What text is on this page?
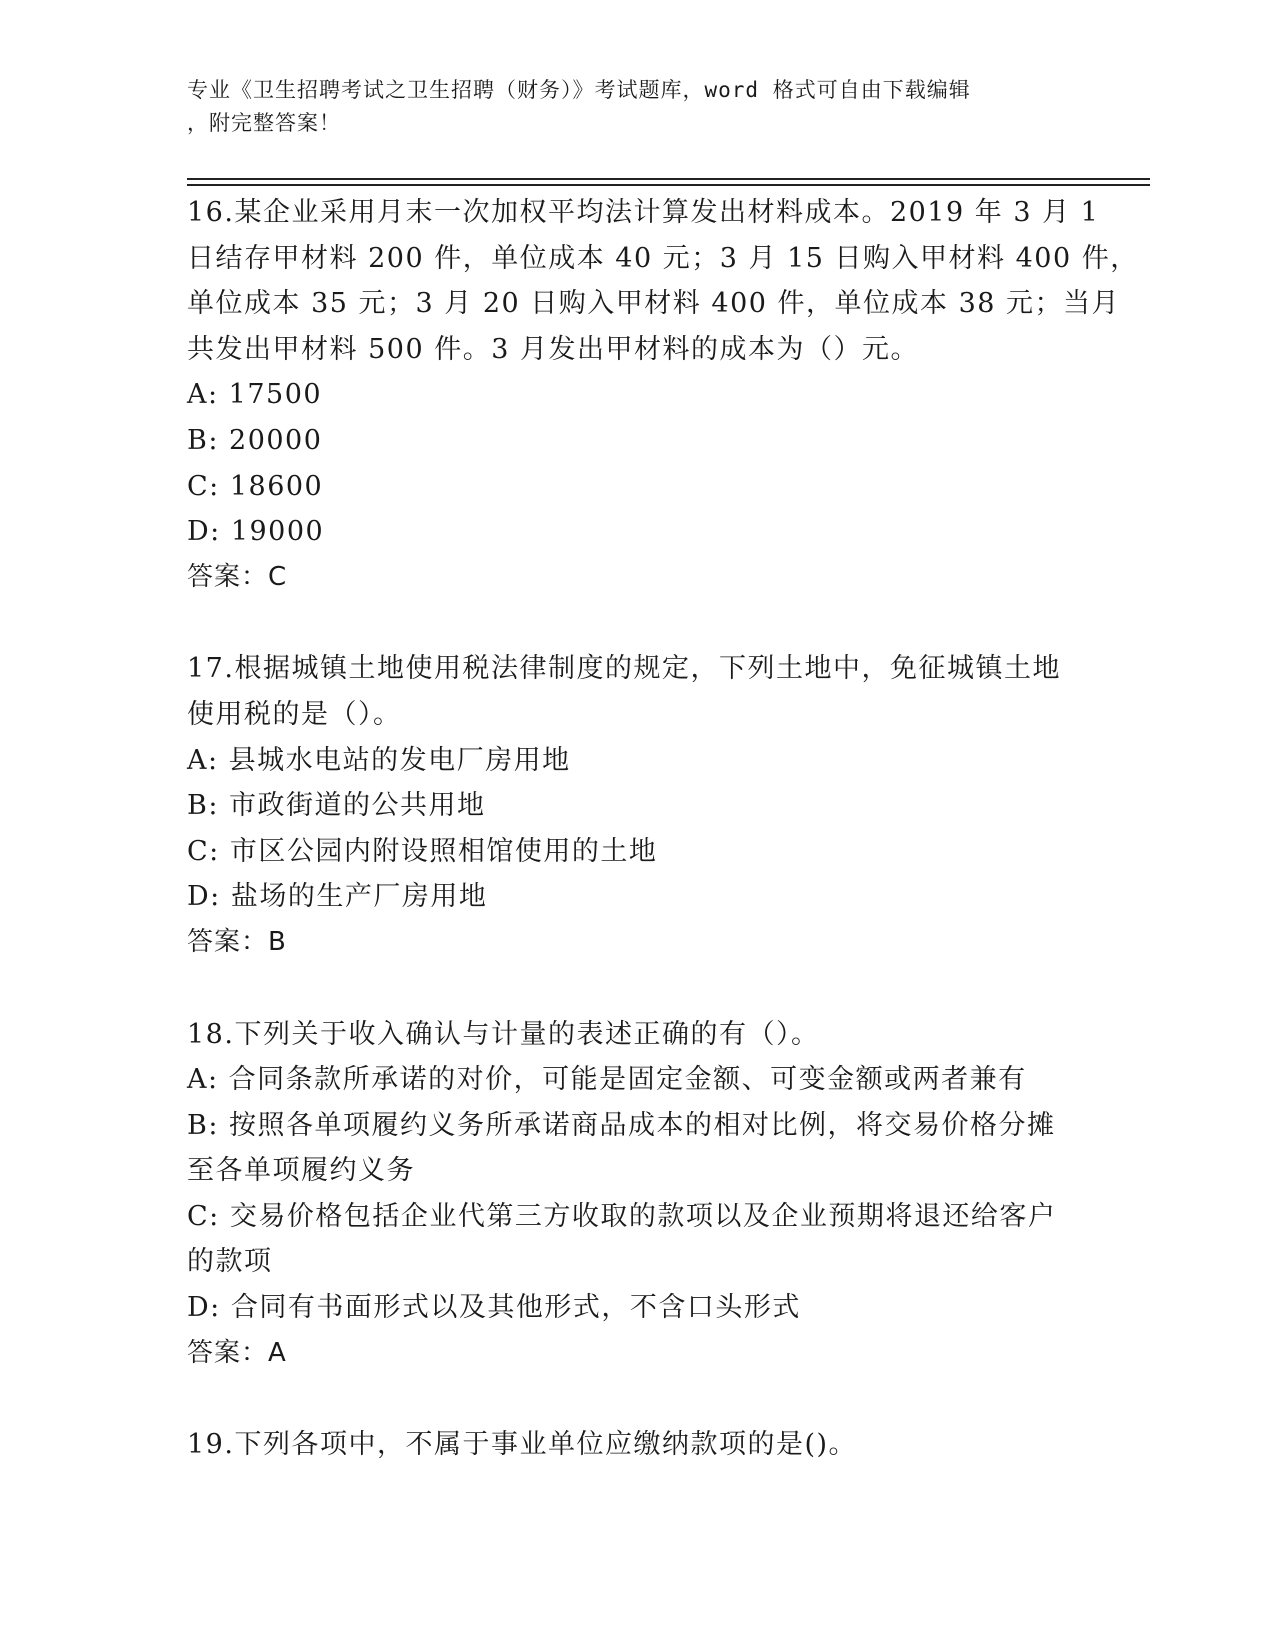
专业《卫生招聘考试之卫生招聘（财务）》考试题库，word 格式可自由下载编辑
，附完整答案！
16.某企业采用月末一次加权平均法计算发出材料成本。2019 年 3 月 1
日结存甲材料 200 件，单位成本 40 元；3 月 15 日购入甲材料 400 件，
单位成本 35 元；3 月 20 日购入甲材料 400 件，单位成本 38 元；当月
共发出甲材料 500 件。3 月发出甲材料的成本为（）元。
A: 17500
B: 20000
C: 18600
D: 19000
答案：C
17.根据城镇土地使用税法律制度的规定，下列土地中，免征城镇土地
使用税的是（）。
A: 县城水电站的发电厂房用地
B: 市政街道的公共用地
C: 市区公园内附设照相馆使用的土地
D: 盐场的生产厂房用地
答案：B
18.下列关于收入确认与计量的表述正确的有（）。
A: 合同条款所承诺的对价，可能是固定金额、可变金额或两者兼有
B: 按照各单项履约义务所承诺商品成本的相对比例，将交易价格分摊
至各单项履约义务
C: 交易价格包括企业代第三方收取的款项以及企业预期将退还给客户
的款项
D: 合同有书面形式以及其他形式，不含口头形式
答案：A
19.下列各项中，不属于事业单位应缴纳款项的是()。
